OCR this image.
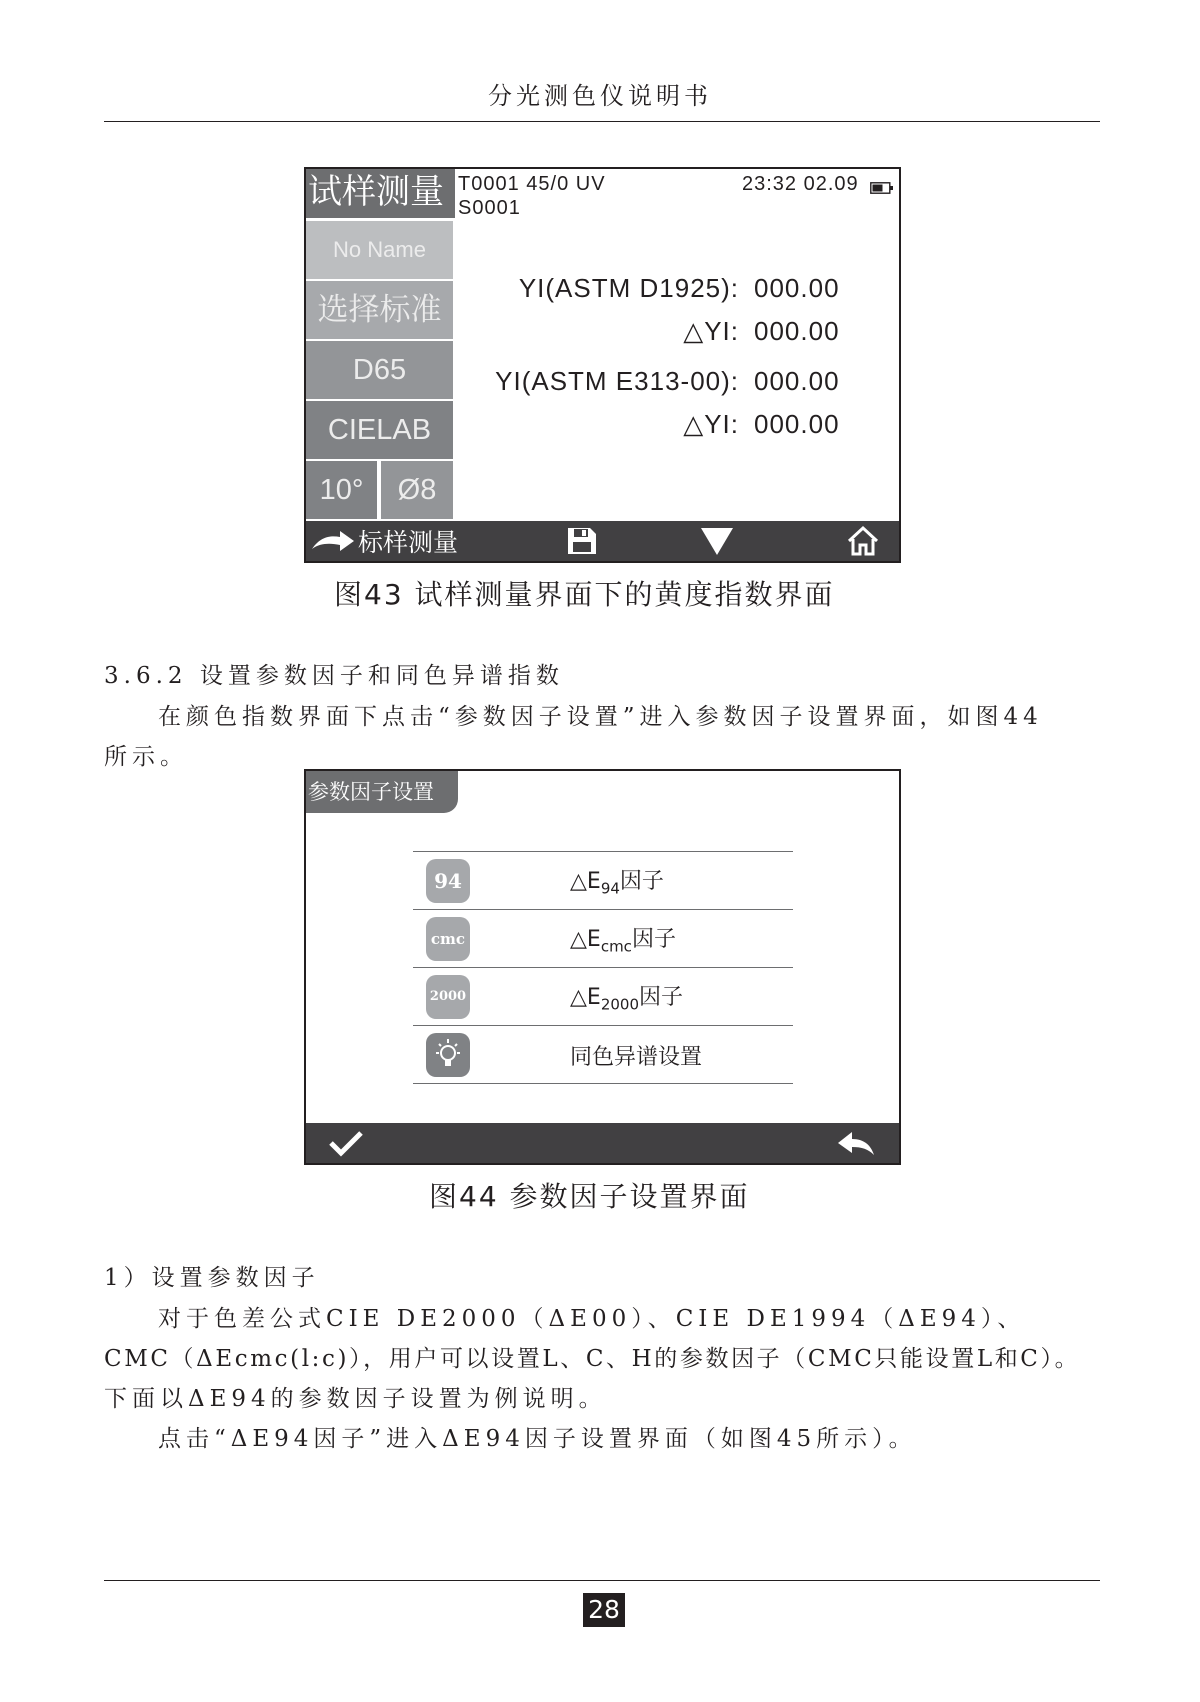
分光测色仪说明书
试样测量
No Name
选择标准
D65
CIELAB
10°	Ø8
T0001 45/0 UV
S0001
23:32 02.09
YI(ASTM D1925): 000.00
△YI: 000.00
YI(ASTM E313-00): 000.00
△YI: 000.00
标样测量
图43 试样测量界面下的黄度指数界面
3.6.2 设置参数因子和同色异谱指数
在颜色指数界面下点击“参数因子设置”进入参数因子设置界面，如图44
所示。
参数因子设置
94	$\triangle E_{94}$因子
cmc	$\triangle E_{cmc}$因子
2000	$\triangle E_{2000}$因子
同色异谱设置
图44 参数因子设置界面
1）设置参数因子
对于色差公式CIE DE2000（ΔE00）、CIE DE1994（ΔE94）、
CMC（ΔEcmc(l:c)），用户可以设置L、C、H的参数因子（CMC只能设置L和C）。
下面以ΔE94的参数因子设置为例说明。
点击“ΔE94因子”进入ΔE94因子设置界面（如图45所示）。
28
